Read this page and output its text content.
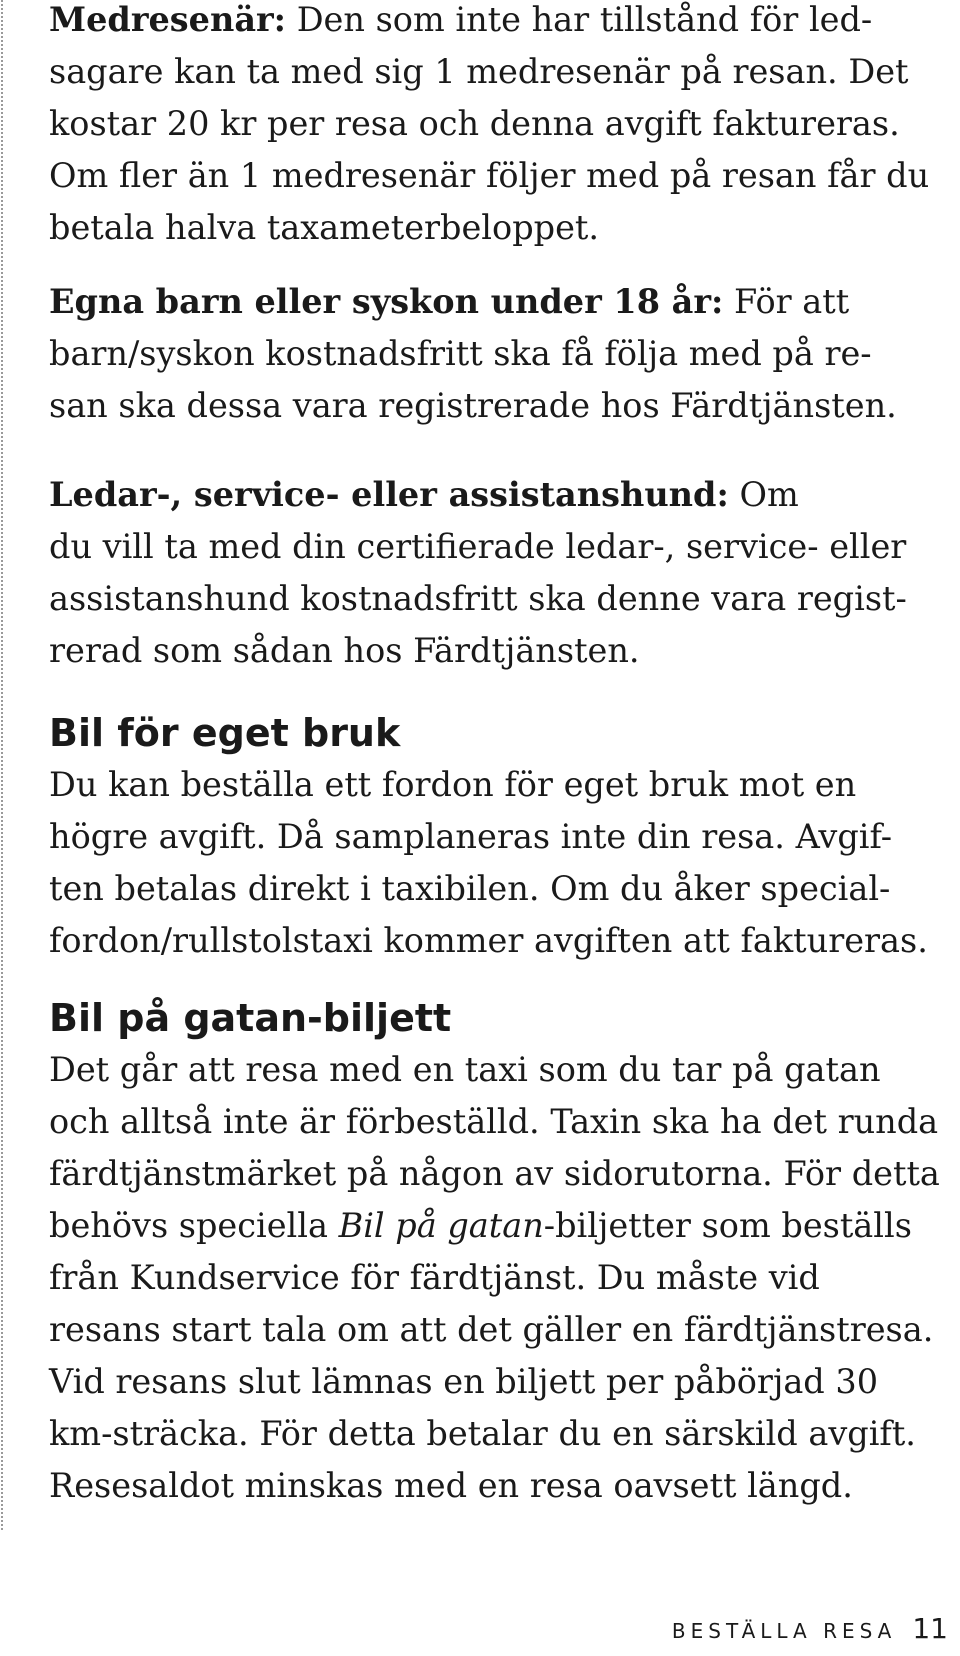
Medresenär: Den som inte har tillstånd för led-
sagare kan ta med sig 1 medresenär på resan. Det
kostar 20 kr per resa och denna avgift faktureras.
Om fler än 1 medresenär följer med på resan får du
betala halva taxameterbeloppet.

Egna barn eller syskon under 18 år: För att
barn/syskon kostnadsfritt ska få följa med på re-
san ska dessa vara registrerade hos Färdtjänsten.

Ledar-, service- eller assistanshund: Om
du vill ta med din certifierade ledar-, service- eller
assistanshund kostnadsfritt ska denne vara regist-
rerad som sådan hos Färdtjänsten.

Bil för eget bruk

Du kan beställa ett fordon för eget bruk mot en
högre avgift. Då samplaneras inte din resa. Avgif-
ten betalas direkt i taxibilen. Om du åker special-
fordon/rullstolstaxi kommer avgiften att faktureras.

Bil på gatan-biljett

Det går att resa med en taxi som du tar på gatan
och alltså inte är förbeställd. Taxin ska ha det runda
färdtjänstmärket på någon av sidorutorna. För detta
behövs speciella Bil på gatan-biljetter som beställs
från Kundservice för färdtjänst. Du måste vid
resans start tala om att det gäller en färdtjänstresa.
Vid resans slut lämnas en biljett per påbörjad 30
km-sträcka. För detta betalar du en särskild avgift.
Resesaldot minskas med en resa oavsett längd.

BESTÄLLA RESA 11
